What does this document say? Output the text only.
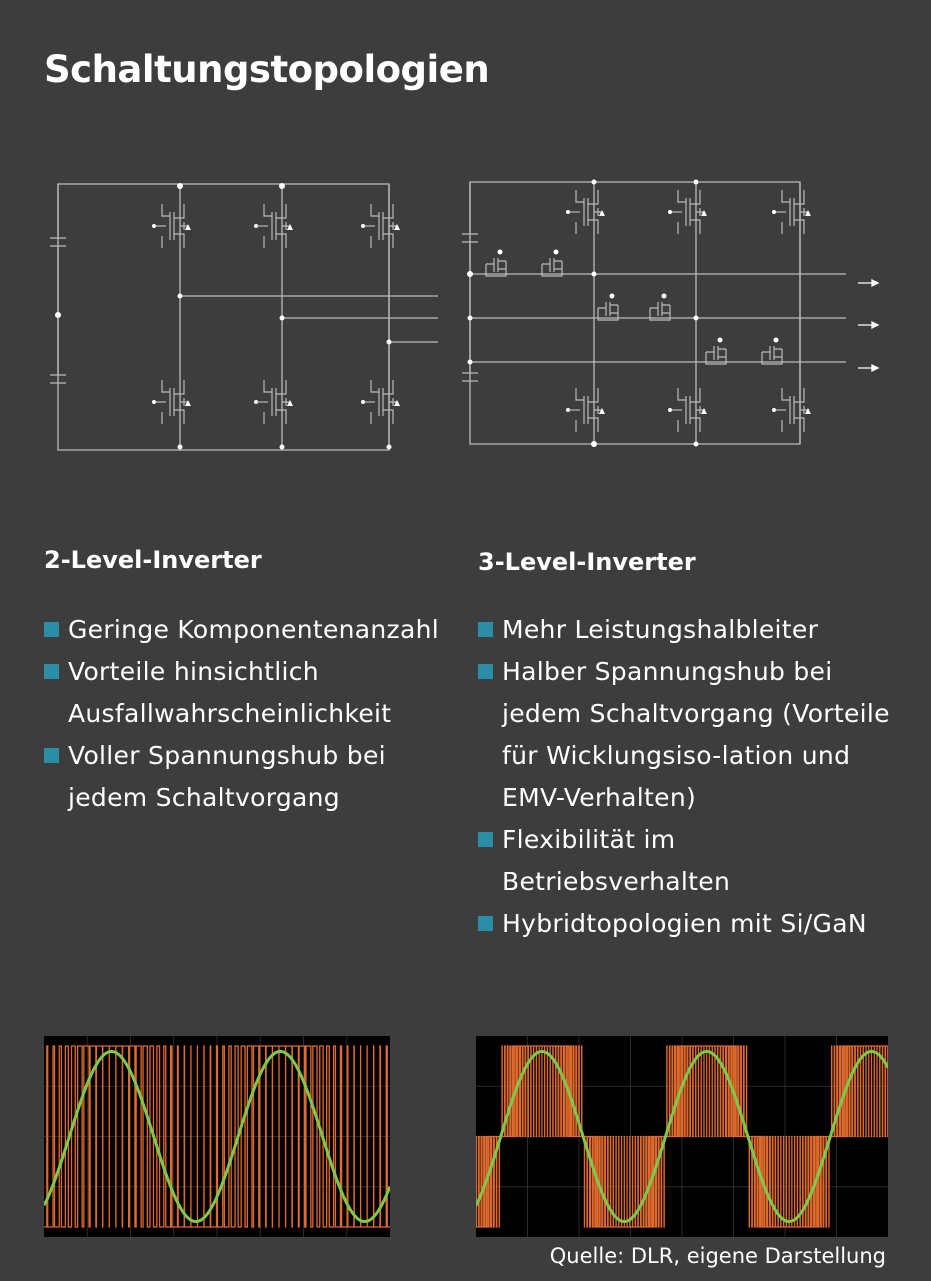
Schaltungstopologien
2-Level-Inverter	3-Level-Inverter
Geringe Komponentenanzahl
Vorteile hinsichtlich Ausfallwahrscheinlichkeit
Voller Spannungshub bei jedem Schaltvorgang
Mehr Leistungshalbleiter
Halber Spannungshub bei jedem Schaltvorgang (Vorteile für Wicklungsiso-lation und EMV-Verhalten)
Flexibilität im Betriebsverhalten
Hybridtopologien mit Si/GaN

Quelle: DLR, eigene Darstellung
